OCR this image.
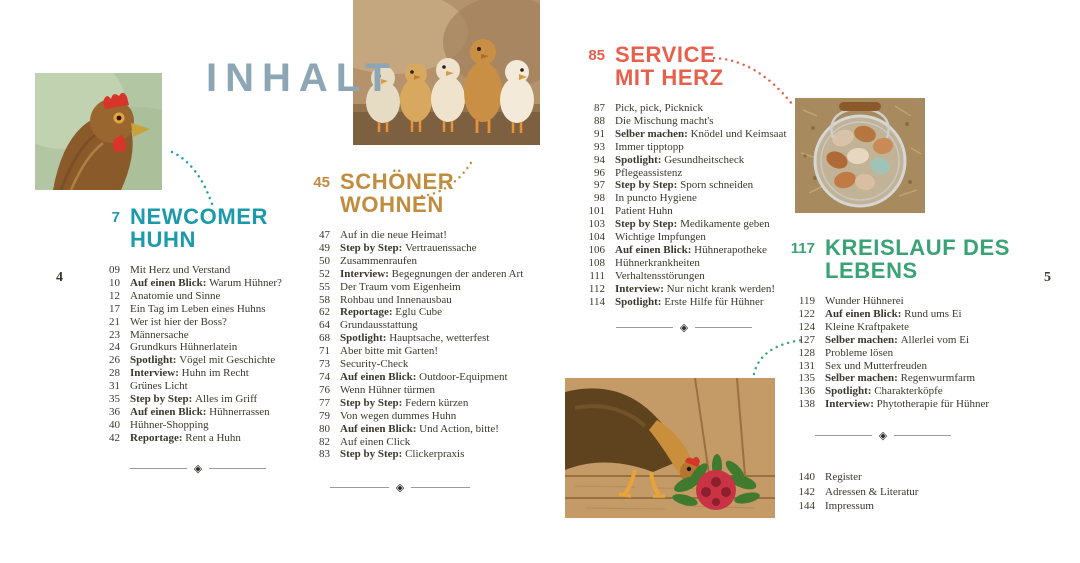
INHALT
4	5
7 NEWCOMER
HUHN
09 Mit Herz und Verstand
10 Auf einen Blick: Warum Hühner?
12 Anatomie und Sinne
17 Ein Tag im Leben eines Huhns
21 Wer ist hier der Boss?
23 Männersache
24 Grundkurs Hühnerlatein
26 Spotlight: Vögel mit Geschichte
28 Interview: Huhn im Recht
31 Grünes Licht
35 Step by Step: Alles im Griff
36 Auf einen Blick: Hühnerrassen
40 Hühner-Shopping
42 Reportage: Rent a Huhn
◈
45 SCHÖNER
WOHNEN
47 Auf in die neue Heimat!
49 Step by Step: Vertrauenssache
50 Zusammenraufen
52 Interview: Begegnungen der anderen Art
55 Der Traum vom Eigenheim
58 Rohbau und Innenausbau
62 Reportage: Eglu Cube
64 Grundausstattung
68 Spotlight: Hauptsache, wetterfest
71 Aber bitte mit Garten!
73 Security-Check
74 Auf einen Blick: Outdoor-Equipment
76 Wenn Hühner türmen
77 Step by Step: Federn kürzen
79 Von wegen dummes Huhn
80 Auf einen Blick: Und Action, bitte!
82 Auf einen Click
83 Step by Step: Clickerpraxis
◈
85 SERVICE
MIT HERZ
87 Pick, pick, Picknick
88 Die Mischung macht's
91 Selber machen: Knödel und Keimsaat
93 Immer tipptopp
94 Spotlight: Gesundheitscheck
96 Pflegeassistenz
97 Step by Step: Sporn schneiden
98 In puncto Hygiene
101 Patient Huhn
103 Step by Step: Medikamente geben
104 Wichtige Impfungen
106 Auf einen Blick: Hühnerapotheke
108 Hühnerkrankheiten
111 Verhaltensstörungen
112 Interview: Nur nicht krank werden!
114 Spotlight: Erste Hilfe für Hühner
◈
117 KREISLAUF DES
LEBENS
119 Wunder Hühnerei
122 Auf einen Blick: Rund ums Ei
124 Kleine Kraftpakete
127 Selber machen: Allerlei vom Ei
128 Probleme lösen
131 Sex und Mutterfreuden
135 Selber machen: Regenwurmfarm
136 Spotlight: Charakterköpfe
138 Interview: Phytotherapie für Hühner
◈
140 Register
142 Adressen & Literatur
144 Impressum
